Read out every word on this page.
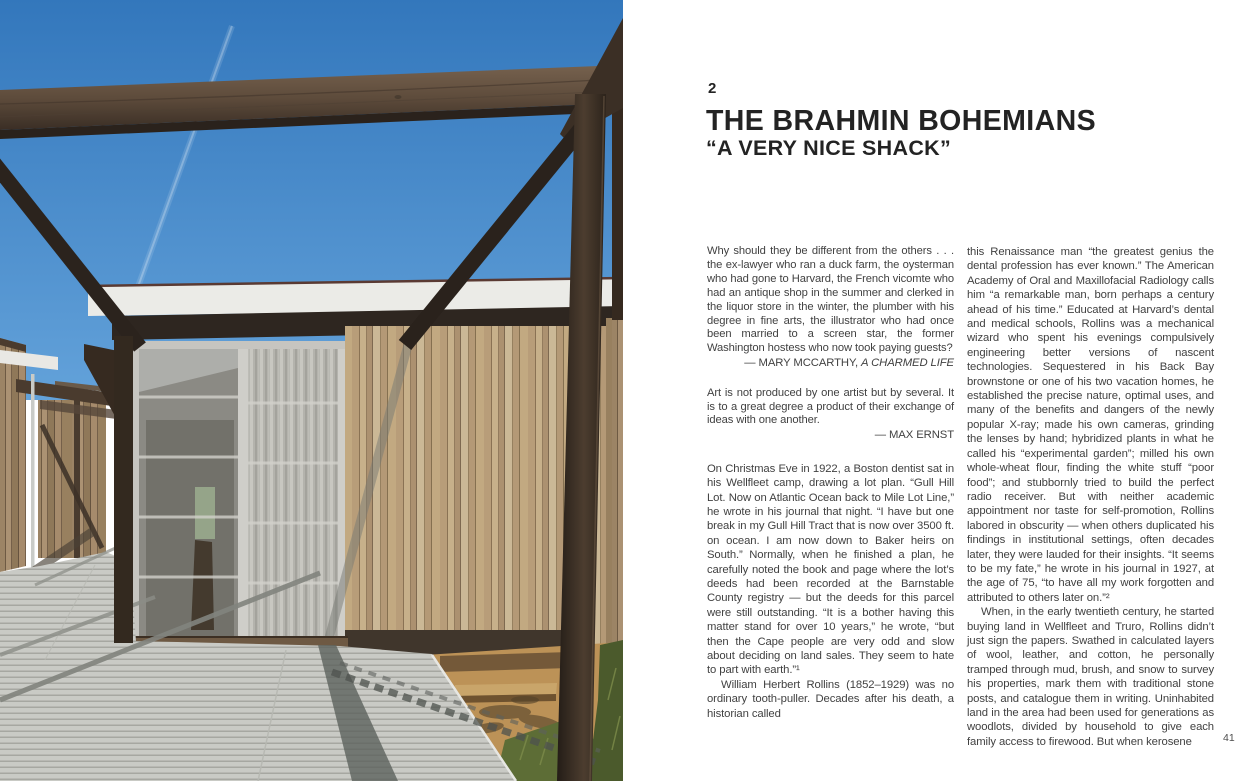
2
THE BRAHMIN BOHEMIANS
“A VERY NICE SHACK”

Why should they be different from the others . . . the ex-lawyer who ran a duck farm, the oysterman who had gone to Harvard, the French vicomte who had an antique shop in the summer and clerked in the liquor store in the winter, the plumber with his degree in fine arts, the illustrator who had once been married to a screen star, the former Washington hostess who now took paying guests?

— MARY MCCARTHY, A CHARMED LIFE

Art is not produced by one artist but by several. It is to a great degree a product of their exchange of ideas with one another.

— MAX ERNST

On Christmas Eve in 1922, a Boston dentist sat in his Wellfleet camp, drawing a lot plan. “Gull Hill Lot. Now on Atlantic Ocean back to Mile Lot Line,” he wrote in his journal that night. “I have but one break in my Gull Hill Tract that is now over 3500 ft. on ocean. I am now down to Baker heirs on South.” Normally, when he finished a plan, he carefully noted the book and page where the lot’s deeds had been recorded at the Barnstable County registry — but the deeds for this parcel were still outstanding. “It is a bother having this matter stand for over 10 years,” he wrote, “but then the Cape people are very odd and slow about deciding on land sales. They seem to hate to part with earth.”¹

William Herbert Rollins (1852–1929) was no ordinary tooth-puller. Decades after his death, a historian called

this Renaissance man “the greatest genius the dental profession has ever known.” The American Academy of Oral and Maxillofacial Radiology calls him “a remarkable man, born perhaps a century ahead of his time.” Educated at Harvard’s dental and medical schools, Rollins was a mechanical wizard who spent his evenings compulsively engineering better versions of nascent technologies. Sequestered in his Back Bay brownstone or one of his two vacation homes, he established the precise nature, optimal uses, and many of the benefits and dangers of the newly popular X-ray; made his own cameras, grinding the lenses by hand; hybridized plants in what he called his “experimental garden”; milled his own whole-wheat flour, finding the white stuff “poor food”; and stubbornly tried to build the perfect radio receiver. But with neither academic appointment nor taste for self-promotion, Rollins labored in obscurity — when others duplicated his findings in institutional settings, often decades later, they were lauded for their insights. “It seems to be my fate,” he wrote in his journal in 1927, at the age of 75, “to have all my work forgotten and attributed to others later on.”²

When, in the early twentieth century, he started buying land in Wellfleet and Truro, Rollins didn’t just sign the papers. Swathed in calculated layers of wool, leather, and cotton, he personally tramped through mud, brush, and snow to survey his properties, mark them with traditional stone posts, and catalogue them in writing. Uninhabited land in the area had been used for generations as woodlots, divided by household to give each family access to firewood. But when kerosene	41
